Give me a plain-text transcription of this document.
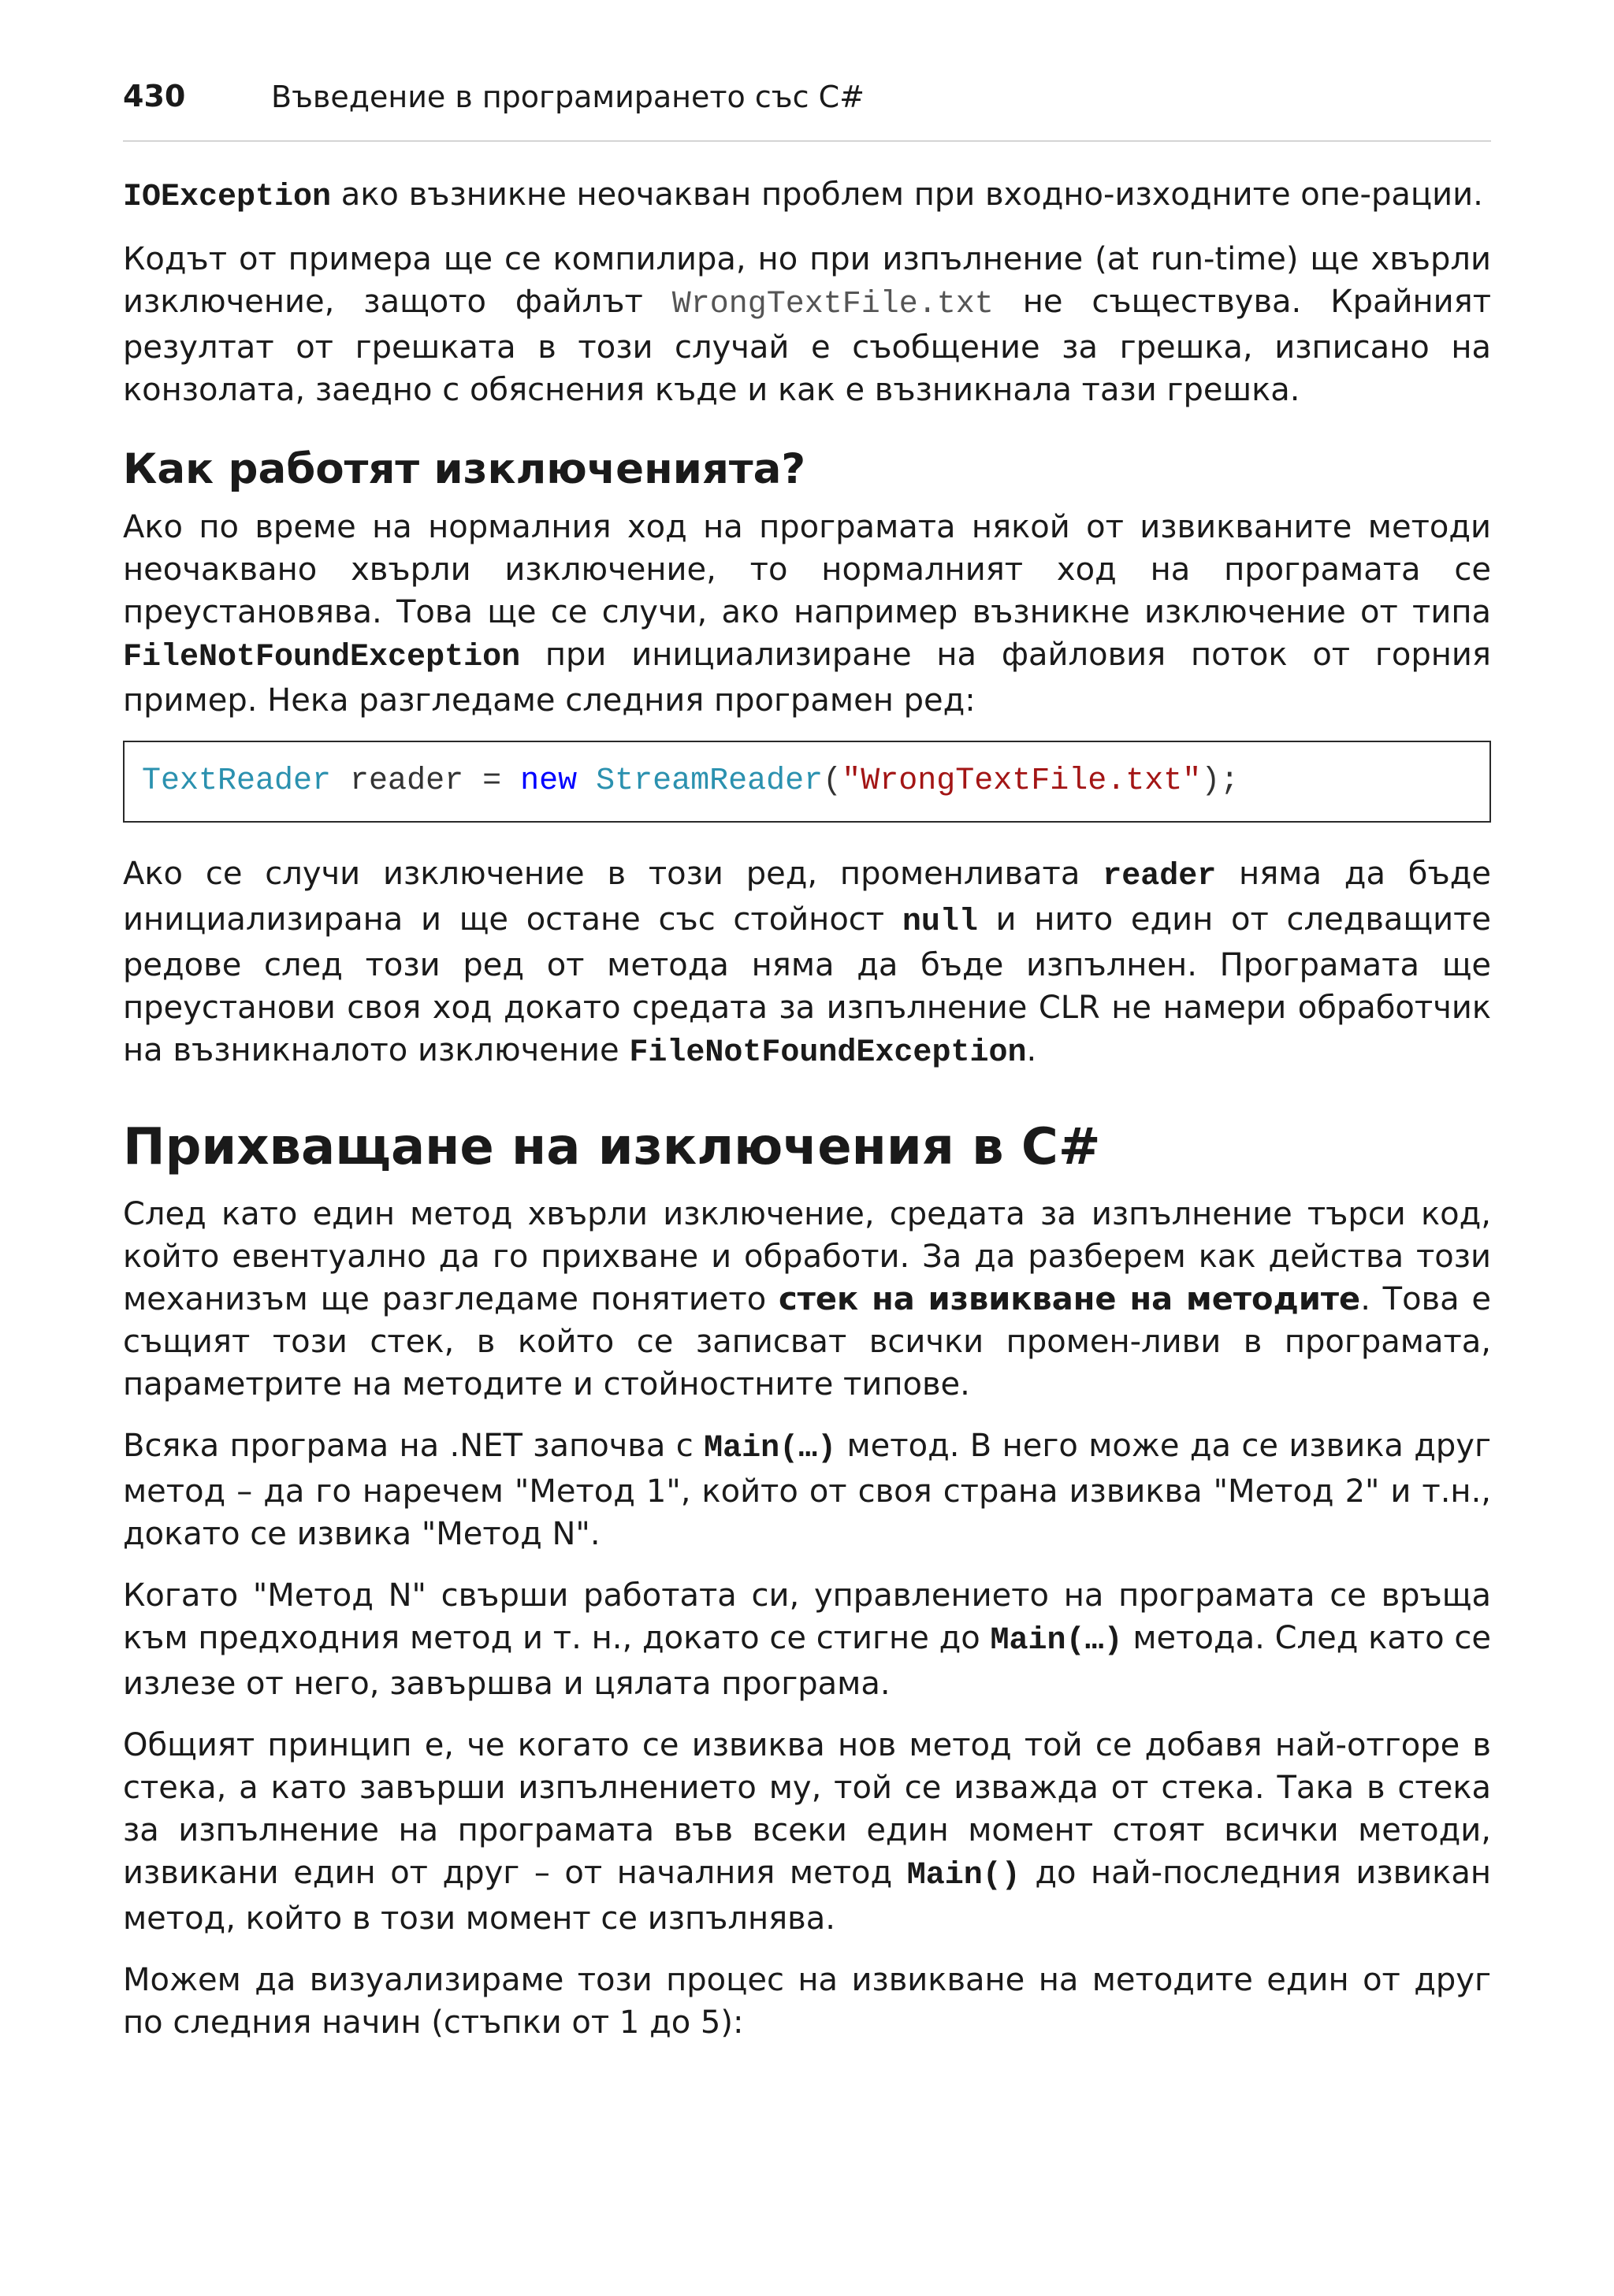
430	Въведение в програмирането със C#

IOException ако възникне неочакван проблем при входно-изходните опе-рации.

Кодът от примера ще се компилира, но при изпълнение (at run-time) ще хвърли изключение, защото файлът WrongTextFile.txt не съществува. Крайният резултат от грешката в този случай е съобщение за грешка, изписано на конзолата, заедно с обяснения къде и как е възникнала тази грешка.

Как работят изключенията?

Ако по време на нормалния ход на програмата някой от извикваните методи неочаквано хвърли изключение, то нормалният ход на програмата се преустановява. Това ще се случи, ако например възникне изключение от типа FileNotFoundException при инициализиране на файловия поток от горния пример. Нека разгледаме следния програмен ред:

TextReader reader = new StreamReader("WrongTextFile.txt");

Ако се случи изключение в този ред, променливата reader няма да бъде инициализирана и ще остане със стойност null и нито един от следващите редове след този ред от метода няма да бъде изпълнен. Програмата ще преустанови своя ход докато средата за изпълнение CLR не намери обработчик на възникналото изключение FileNotFoundException.

Прихващане на изключения в C#

След като един метод хвърли изключение, средата за изпълнение търси код, който евентуално да го прихване и обработи. За да разберем как действа този механизъм ще разгледаме понятието стек на извикване на методите. Това е същият този стек, в който се записват всички промен-ливи в програмата, параметрите на методите и стойностните типове.

Всяка програма на .NET започва с Main(…) метод. В него може да се извика друг метод – да го наречем "Метод 1", който от своя страна извиква "Метод 2" и т.н., докато се извика "Метод N".

Когато "Метод N" свърши работата си, управлението на програмата се връща към предходния метод и т. н., докато се стигне до Main(…) метода. След като се излезе от него, завършва и цялата програма.

Общият принцип е, че когато се извиква нов метод той се добавя най-отгоре в стека, а като завърши изпълнението му, той се изважда от стека. Така в стека за изпълнение на програмата във всеки един момент стоят всички методи, извикани един от друг – от началния метод Main() до най-последния извикан метод, който в този момент се изпълнява.

Можем да визуализираме този процес на извикване на методите един от друг по следния начин (стъпки от 1 до 5):
